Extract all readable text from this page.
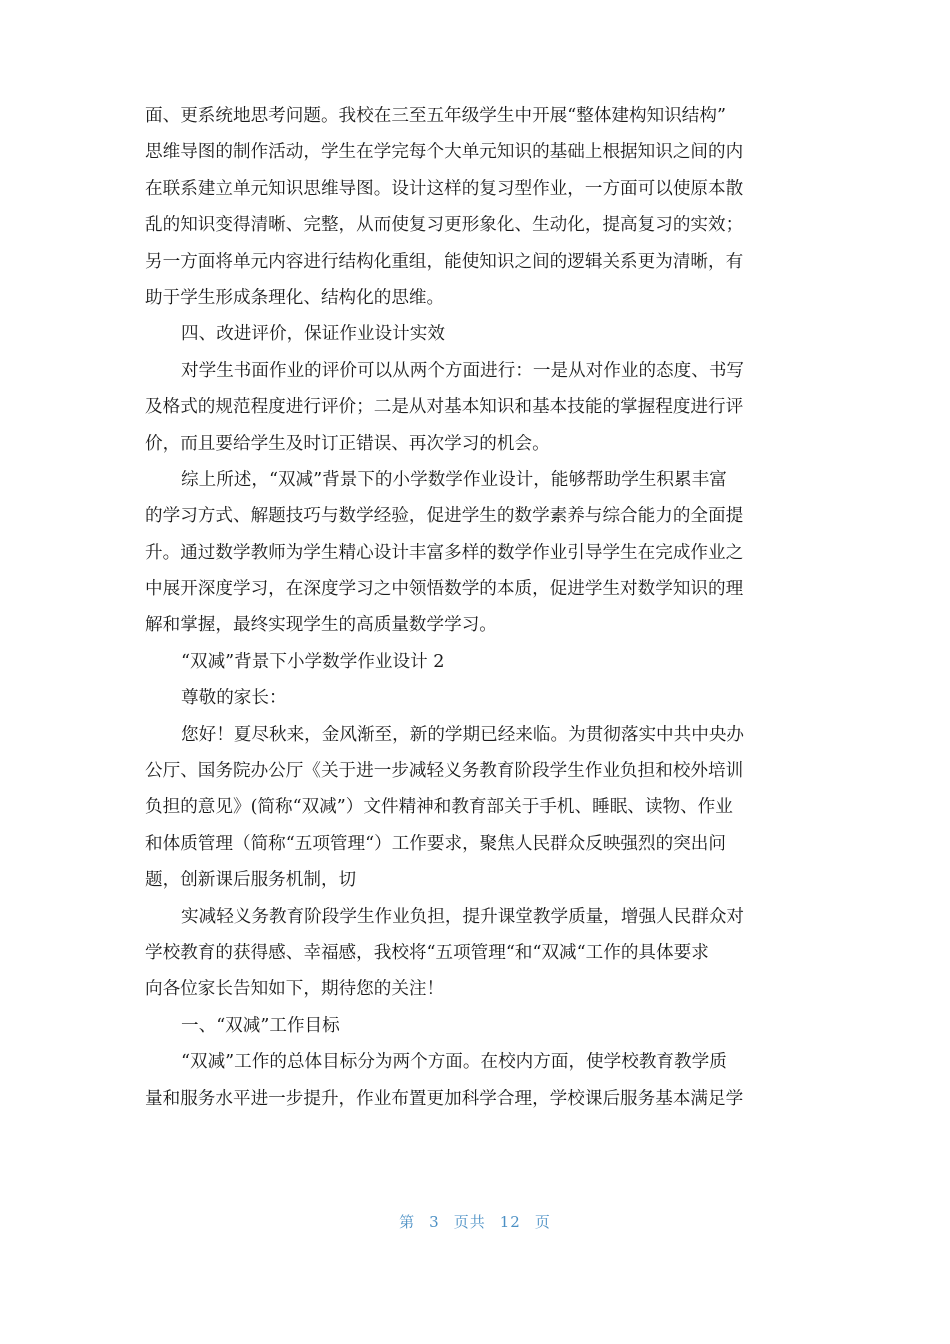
面、更系统地思考问题。我校在三至五年级学生中开展“整体建构知识结构”
思维导图的制作活动，学生在学完每个大单元知识的基础上根据知识之间的内
在联系建立单元知识思维导图。设计这样的复习型作业，一方面可以使原本散
乱的知识变得清晰、完整，从而使复习更形象化、生动化，提高复习的实效；
另一方面将单元内容进行结构化重组，能使知识之间的逻辑关系更为清晰，有
助于学生形成条理化、结构化的思维。
四、改进评价，保证作业设计实效
对学生书面作业的评价可以从两个方面进行：一是从对作业的态度、书写
及格式的规范程度进行评价；二是从对基本知识和基本技能的掌握程度进行评
价，而且要给学生及时订正错误、再次学习的机会。
综上所述，“双减”背景下的小学数学作业设计，能够帮助学生积累丰富
的学习方式、解题技巧与数学经验，促进学生的数学素养与综合能力的全面提
升。通过数学教师为学生精心设计丰富多样的数学作业引导学生在完成作业之
中展开深度学习，在深度学习之中领悟数学的本质，促进学生对数学知识的理
解和掌握，最终实现学生的高质量数学学习。
“双减”背景下小学数学作业设计 2
尊敬的家长：
您好！夏尽秋来，金风渐至，新的学期已经来临。为贯彻落实中共中央办
公厅、国务院办公厅《关于进一步减轻义务教育阶段学生作业负担和校外培训
负担的意见》(简称“双减”）文件精神和教育部关于手机、睡眠、读物、作业
和体质管理（简称“五项管理“）工作要求，聚焦人民群众反映强烈的突出问
题，创新课后服务机制，切
实减轻义务教育阶段学生作业负担，提升课堂教学质量，增强人民群众对
学校教育的获得感、幸福感，我校将“五项管理“和“双减“工作的具体要求
向各位家长告知如下，期待您的关注！
一、“双减”工作目标
“双减”工作的总体目标分为两个方面。在校内方面，使学校教育教学质
量和服务水平进一步提升，作业布置更加科学合理，学校课后服务基本满足学
第 3 页共 12 页
